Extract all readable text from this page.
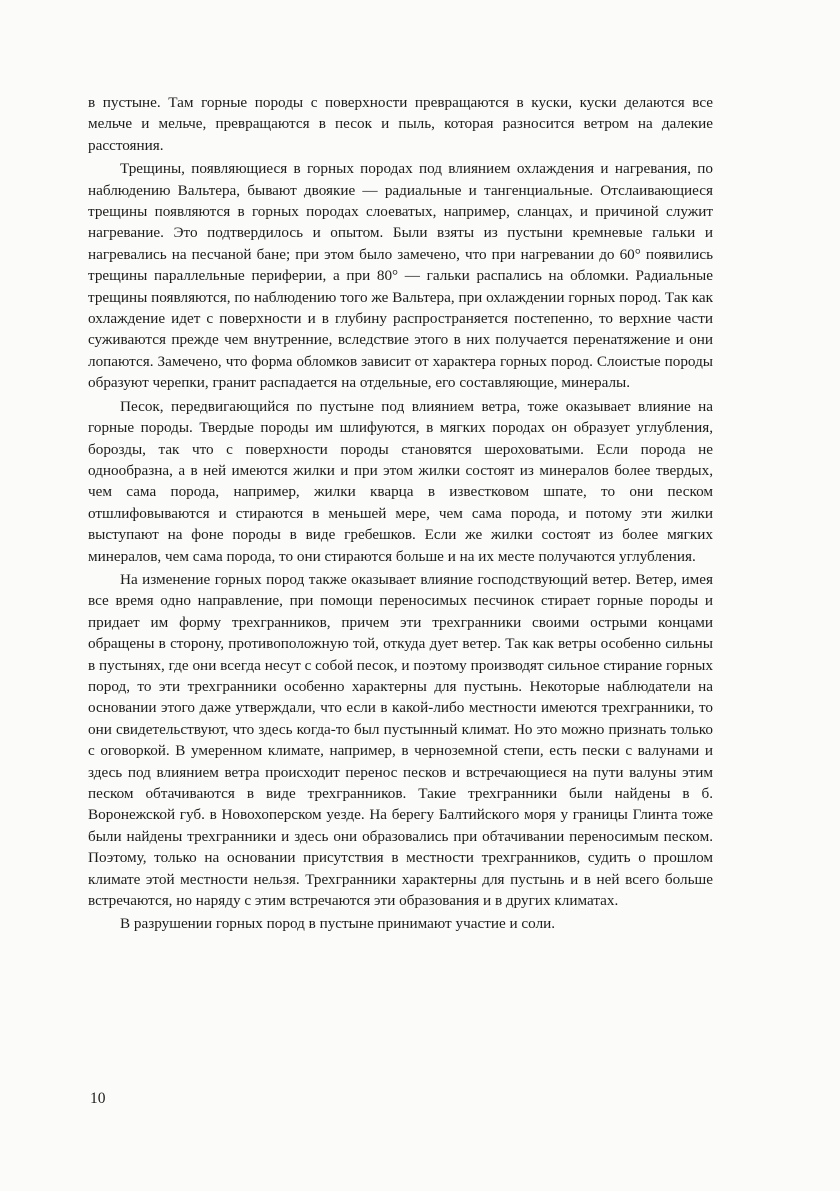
в пустыне. Там горные породы с поверхности превращаются в куски, куски делаются все мельче и мельче, превращаются в песок и пыль, которая разносится ветром на далекие расстояния.

Трещины, появляющиеся в горных породах под влиянием охлаждения и нагревания, по наблюдению Вальтера, бывают двоякие — радиальные и тангенциальные. Отслаивающиеся трещины появляются в горных породах слоеватых, например, сланцах, и причиной служит нагревание. Это подтвердилось и опытом. Были взяты из пустыни кремневые гальки и нагревались на песчаной бане; при этом было замечено, что при нагревании до 60° появились трещины параллельные периферии, а при 80° — гальки распались на обломки. Радиальные трещины появляются, по наблюдению того же Вальтера, при охлаждении горных пород. Так как охлаждение идет с поверхности и в глубину распространяется постепенно, то верхние части суживаются прежде чем внутренние, вследствие этого в них получается перенатяжение и они лопаются. Замечено, что форма обломков зависит от характера горных пород. Слоистые породы образуют черепки, гранит распадается на отдельные, его составляющие, минералы.

Песок, передвигающийся по пустыне под влиянием ветра, тоже оказывает влияние на горные породы. Твердые породы им шлифуются, в мягких породах он образует углубления, борозды, так что с поверхности породы становятся шероховатыми. Если порода не однообразна, а в ней имеются жилки и при этом жилки состоят из минералов более твердых, чем сама порода, например, жилки кварца в известковом шпате, то они песком отшлифовываются и стираются в меньшей мере, чем сама порода, и потому эти жилки выступают на фоне породы в виде гребешков. Если же жилки состоят из более мягких минералов, чем сама порода, то они стираются больше и на их месте получаются углубления.

На изменение горных пород также оказывает влияние господствующий ветер. Ветер, имея все время одно направление, при помощи переносимых песчинок стирает горные породы и придает им форму трехгранников, причем эти трехгранники своими острыми концами обращены в сторону, противоположную той, откуда дует ветер. Так как ветры особенно сильны в пустынях, где они всегда несут с собой песок, и поэтому производят сильное стирание горных пород, то эти трехгранники особенно характерны для пустынь. Некоторые наблюдатели на основании этого даже утверждали, что если в какой-либо местности имеются трехгранники, то они свидетельствуют, что здесь когда-то был пустынный климат. Но это можно признать только с оговоркой. В умеренном климате, например, в черноземной степи, есть пески с валунами и здесь под влиянием ветра происходит перенос песков и встречающиеся на пути валуны этим песком обтачиваются в виде трехгранников. Такие трехгранники были найдены в б. Воронежской губ. в Новохоперском уезде. На берегу Балтийского моря у границы Глинта тоже были найдены трехгранники и здесь они образовались при обтачивании переносимым песком. Поэтому, только на основании присутствия в местности трехгранников, судить о прошлом климате этой местности нельзя. Трехгранники характерны для пустынь и в ней всего больше встречаются, но наряду с этим встречаются эти образования и в других климатах.

В разрушении горных пород в пустыне принимают участие и соли.

10
